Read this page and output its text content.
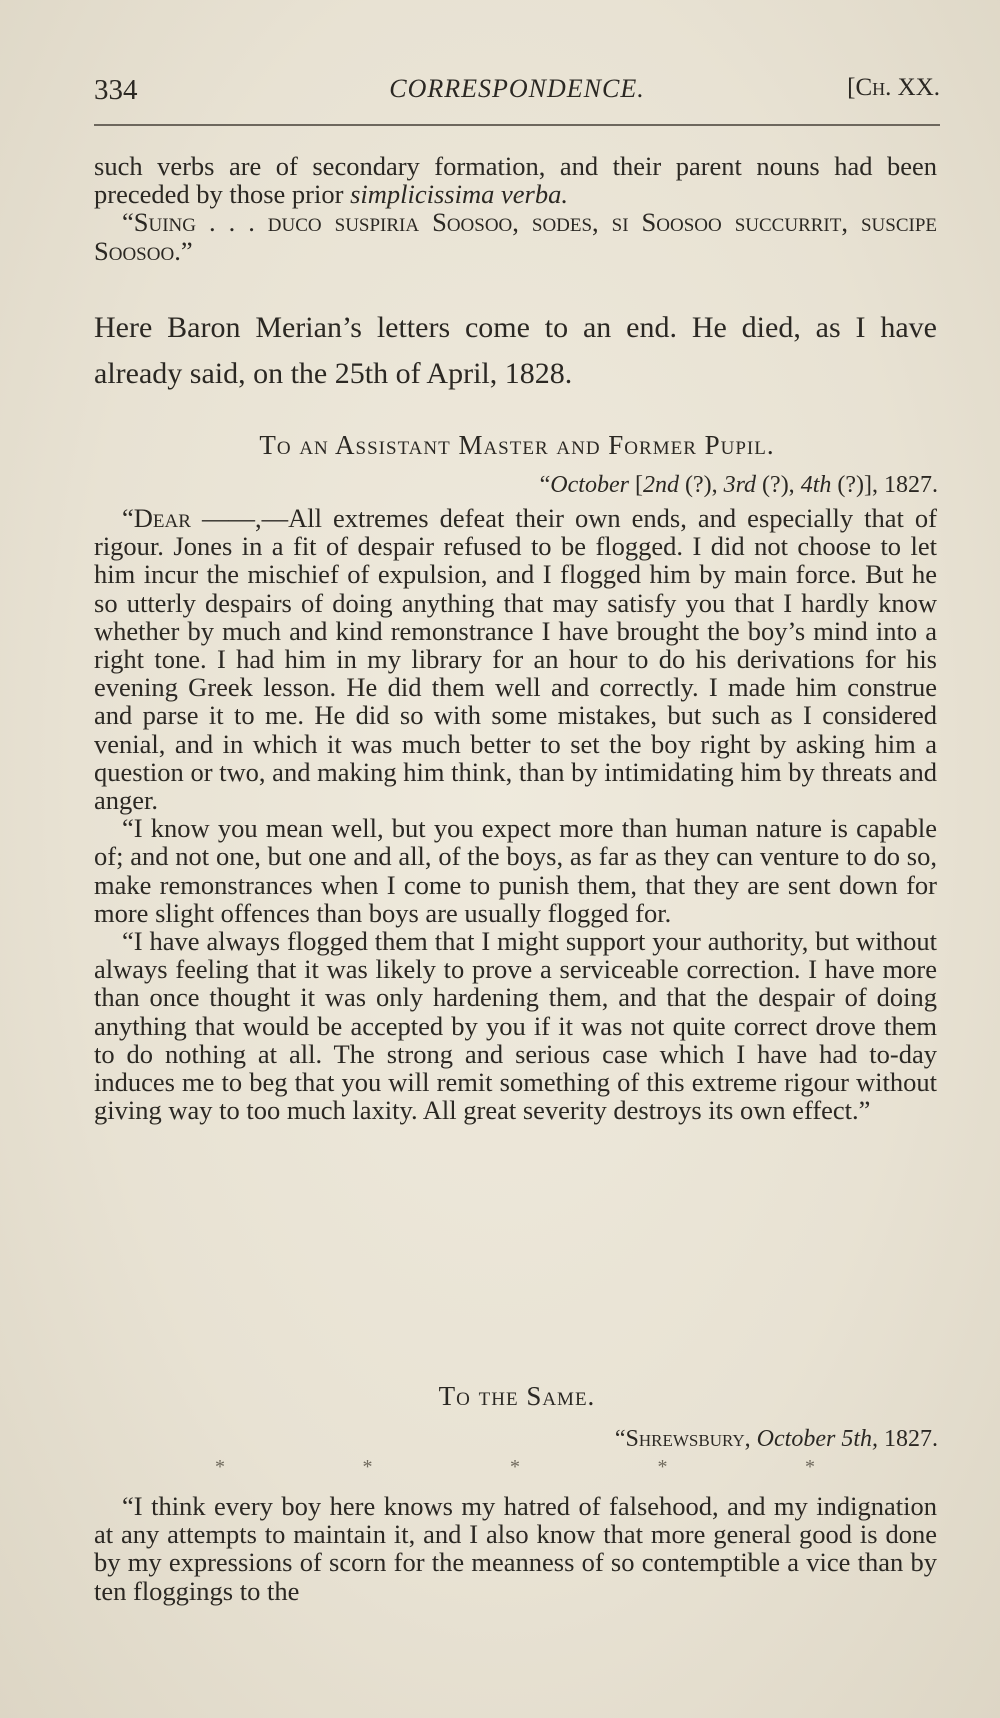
334	CORRESPONDENCE.	[Ch. XX.

such verbs are of secondary formation, and their parent nouns had been preceded by those prior simplicissima verba.

“Suing . . . duco suspiria Soosoo, sodes, si Soosoo succurrit, suscipe Soosoo.”

Here Baron Merian’s letters come to an end. He died, as I have already said, on the 25th of April, 1828.

To an Assistant Master and Former Pupil.
“October [2nd (?), 3rd (?), 4th (?)], 1827.

“Dear ——,—All extremes defeat their own ends, and especially that of rigour. Jones in a fit of despair refused to be flogged. I did not choose to let him incur the mischief of expulsion, and I flogged him by main force. But he so utterly despairs of doing anything that may satisfy you that I hardly know whether by much and kind remonstrance I have brought the boy’s mind into a right tone. I had him in my library for an hour to do his derivations for his evening Greek lesson. He did them well and correctly. I made him construe and parse it to me. He did so with some mistakes, but such as I considered venial, and in which it was much better to set the boy right by asking him a question or two, and making him think, than by intimidating him by threats and anger.

“I know you mean well, but you expect more than human nature is capable of; and not one, but one and all, of the boys, as far as they can venture to do so, make remonstrances when I come to punish them, that they are sent down for more slight offences than boys are usually flogged for.

“I have always flogged them that I might support your authority, but without always feeling that it was likely to prove a serviceable correction. I have more than once thought it was only hardening them, and that the despair of doing anything that would be accepted by you if it was not quite correct drove them to do nothing at all. The strong and serious case which I have had to-day induces me to beg that you will remit something of this extreme rigour without giving way to too much laxity. All great severity destroys its own effect.”

To the Same.
“Shrewsbury, October 5th, 1827.
*	*	*	*	*

“I think every boy here knows my hatred of falsehood, and my indignation at any attempts to maintain it, and I also know that more general good is done by my expressions of scorn for the meanness of so contemptible a vice than by ten floggings to the
